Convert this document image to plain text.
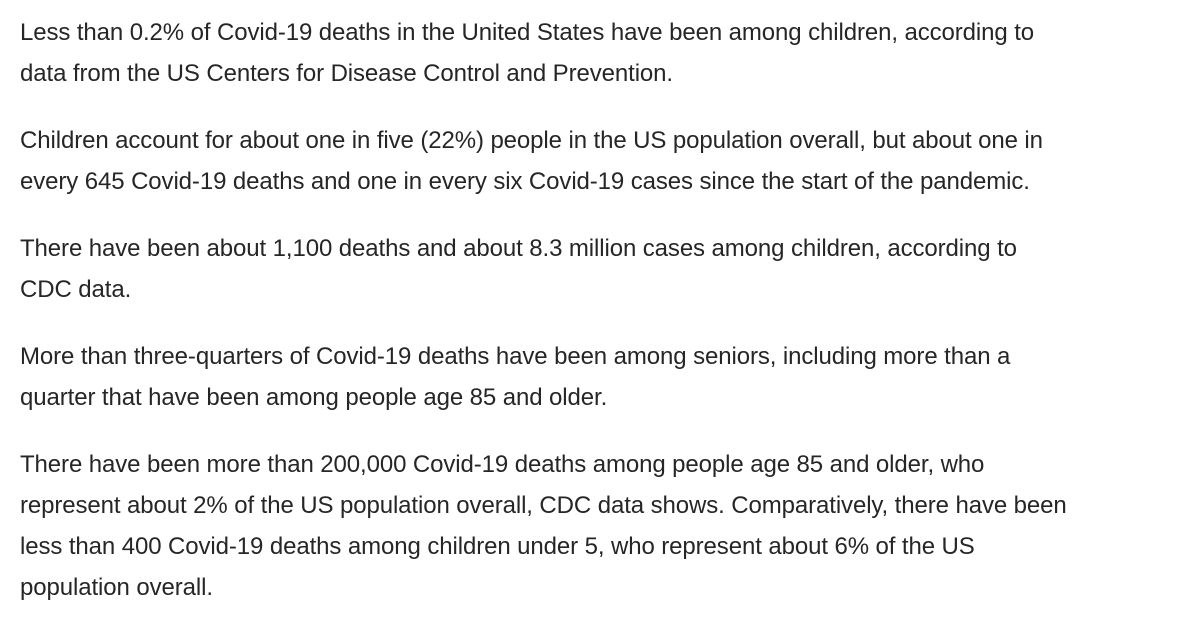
Less than 0.2% of Covid-19 deaths in the United States have been among children, according to
data from the US Centers for Disease Control and Prevention.

Children account for about one in five (22%) people in the US population overall, but about one in
every 645 Covid-19 deaths and one in every six Covid-19 cases since the start of the pandemic.

There have been about 1,100 deaths and about 8.3 million cases among children, according to
CDC data.

More than three-quarters of Covid-19 deaths have been among seniors, including more than a
quarter that have been among people age 85 and older.

There have been more than 200,000 Covid-19 deaths among people age 85 and older, who
represent about 2% of the US population overall, CDC data shows. Comparatively, there have been
less than 400 Covid-19 deaths among children under 5, who represent about 6% of the US
population overall.
